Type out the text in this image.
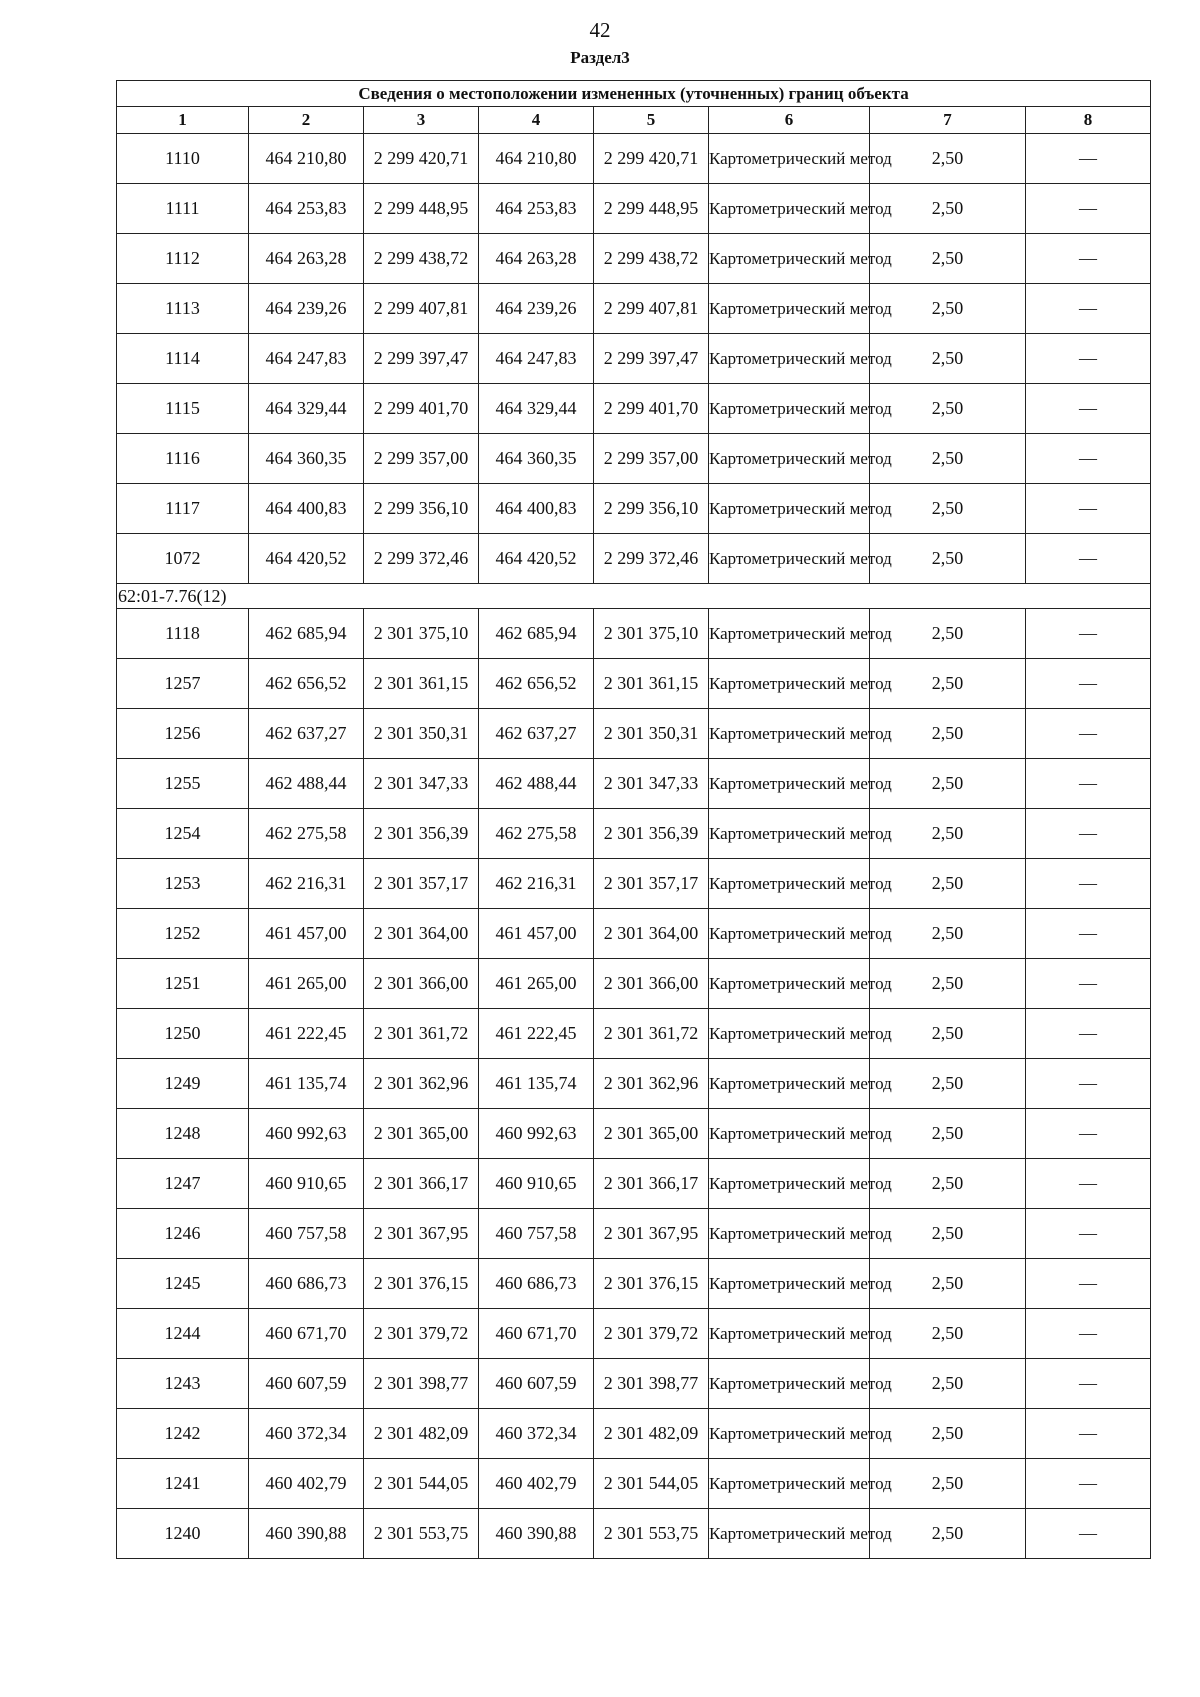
42
Раздел3
Сведения о местоположении измененных (уточненных) границ объекта							
1	2	3	4	5	6	7	8
1110	464 210,80	2 299 420,71	464 210,80	2 299 420,71	Картометрический метод	2,50	—
1111	464 253,83	2 299 448,95	464 253,83	2 299 448,95	Картометрический метод	2,50	—
1112	464 263,28	2 299 438,72	464 263,28	2 299 438,72	Картометрический метод	2,50	—
1113	464 239,26	2 299 407,81	464 239,26	2 299 407,81	Картометрический метод	2,50	—
1114	464 247,83	2 299 397,47	464 247,83	2 299 397,47	Картометрический метод	2,50	—
1115	464 329,44	2 299 401,70	464 329,44	2 299 401,70	Картометрический метод	2,50	—
1116	464 360,35	2 299 357,00	464 360,35	2 299 357,00	Картометрический метод	2,50	—
1117	464 400,83	2 299 356,10	464 400,83	2 299 356,10	Картометрический метод	2,50	—
1072	464 420,52	2 299 372,46	464 420,52	2 299 372,46	Картометрический метод	2,50	—
62:01-7.76(12)							
1118	462 685,94	2 301 375,10	462 685,94	2 301 375,10	Картометрический метод	2,50	—
1257	462 656,52	2 301 361,15	462 656,52	2 301 361,15	Картометрический метод	2,50	—
1256	462 637,27	2 301 350,31	462 637,27	2 301 350,31	Картометрический метод	2,50	—
1255	462 488,44	2 301 347,33	462 488,44	2 301 347,33	Картометрический метод	2,50	—
1254	462 275,58	2 301 356,39	462 275,58	2 301 356,39	Картометрический метод	2,50	—
1253	462 216,31	2 301 357,17	462 216,31	2 301 357,17	Картометрический метод	2,50	—
1252	461 457,00	2 301 364,00	461 457,00	2 301 364,00	Картометрический метод	2,50	—
1251	461 265,00	2 301 366,00	461 265,00	2 301 366,00	Картометрический метод	2,50	—
1250	461 222,45	2 301 361,72	461 222,45	2 301 361,72	Картометрический метод	2,50	—
1249	461 135,74	2 301 362,96	461 135,74	2 301 362,96	Картометрический метод	2,50	—
1248	460 992,63	2 301 365,00	460 992,63	2 301 365,00	Картометрический метод	2,50	—
1247	460 910,65	2 301 366,17	460 910,65	2 301 366,17	Картометрический метод	2,50	—
1246	460 757,58	2 301 367,95	460 757,58	2 301 367,95	Картометрический метод	2,50	—
1245	460 686,73	2 301 376,15	460 686,73	2 301 376,15	Картометрический метод	2,50	—
1244	460 671,70	2 301 379,72	460 671,70	2 301 379,72	Картометрический метод	2,50	—
1243	460 607,59	2 301 398,77	460 607,59	2 301 398,77	Картометрический метод	2,50	—
1242	460 372,34	2 301 482,09	460 372,34	2 301 482,09	Картометрический метод	2,50	—
1241	460 402,79	2 301 544,05	460 402,79	2 301 544,05	Картометрический метод	2,50	—
1240	460 390,88	2 301 553,75	460 390,88	2 301 553,75	Картометрический метод	2,50	—
